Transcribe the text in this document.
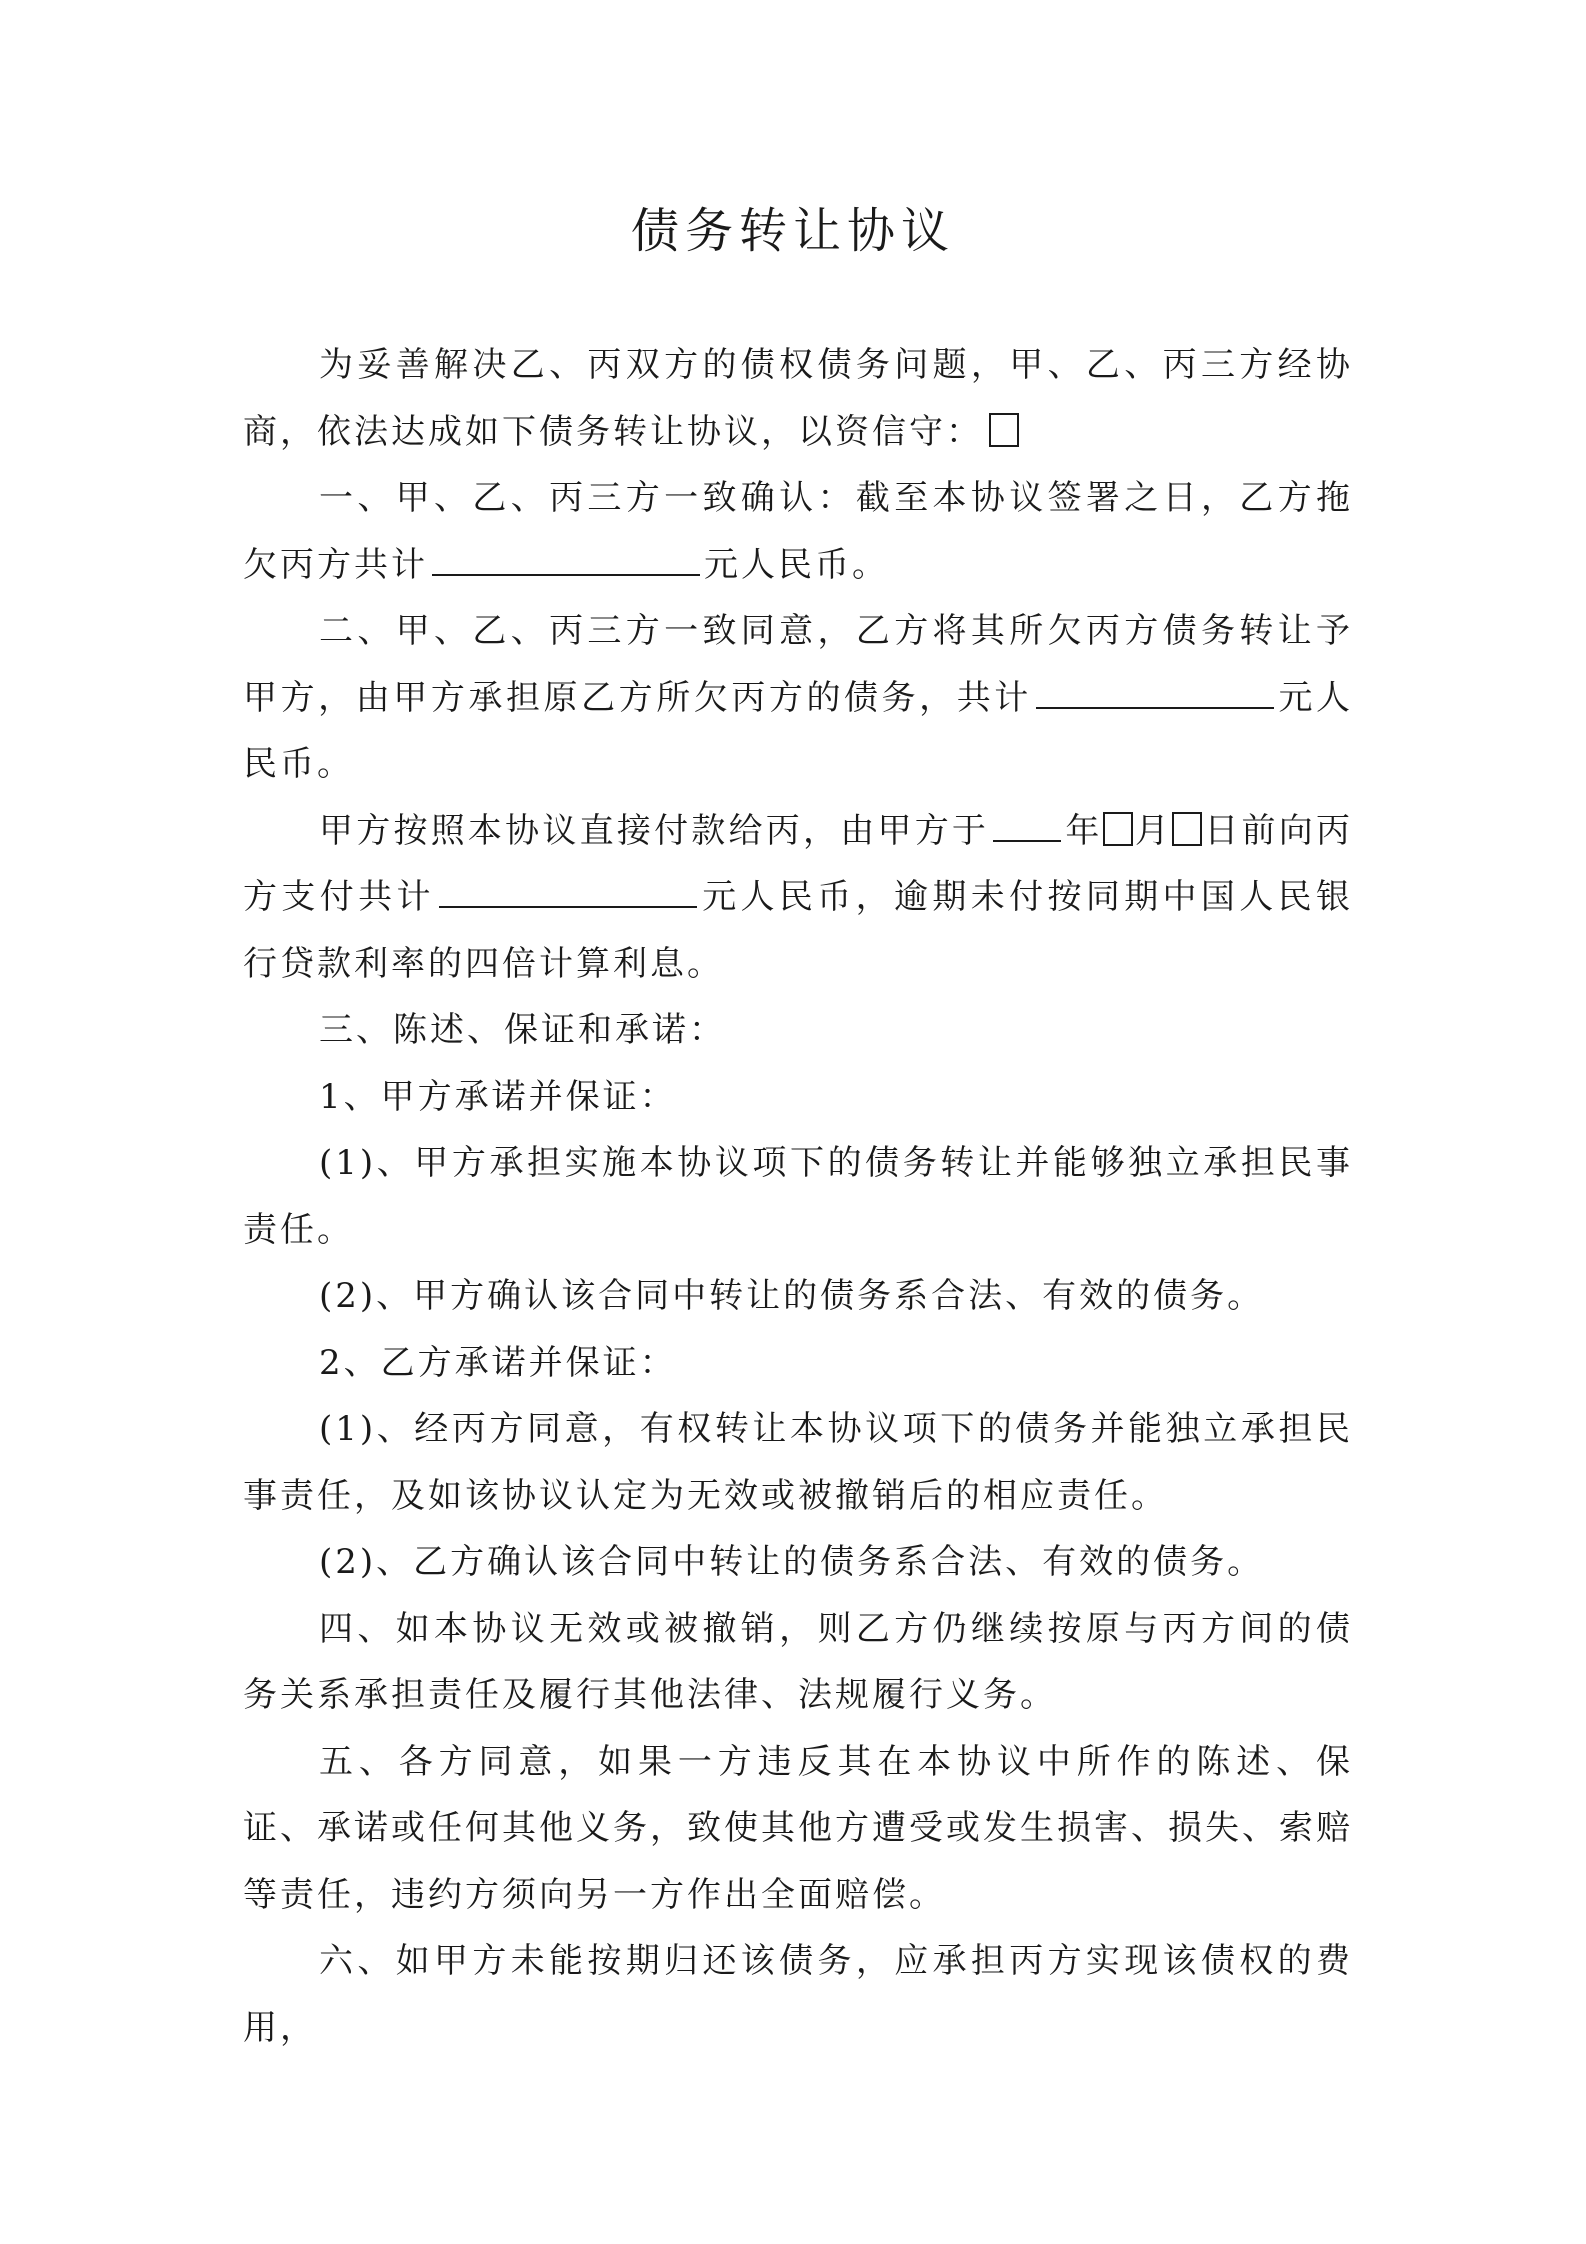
债务转让协议

为妥善解决乙、丙双方的债权债务问题，甲、乙、丙三方经协商，依法达成如下债务转让协议，以资信守：

一、甲、乙、丙三方一致确认：截至本协议签署之日，乙方拖欠丙方共计	元人民币。

二、甲、乙、丙三方一致同意，乙方将其所欠丙方债务转让予甲方，由甲方承担原乙方所欠丙方的债务，共计	元人民币。

甲方按照本协议直接付款给丙，由甲方于 年 月 日前向丙方支付共计	元人民币，逾期未付按同期中国人民银行贷款利率的四倍计算利息。

三、陈述、保证和承诺：

1、甲方承诺并保证：

(1)、甲方承担实施本协议项下的债务转让并能够独立承担民事责任。

(2)、甲方确认该合同中转让的债务系合法、有效的债务。

2、乙方承诺并保证：

(1)、经丙方同意，有权转让本协议项下的债务并能独立承担民事责任，及如该协议认定为无效或被撤销后的相应责任。

(2)、乙方确认该合同中转让的债务系合法、有效的债务。

四、如本协议无效或被撤销，则乙方仍继续按原与丙方间的债务关系承担责任及履行其他法律、法规履行义务。

五、各方同意，如果一方违反其在本协议中所作的陈述、保证、承诺或任何其他义务，致使其他方遭受或发生损害、损失、索赔等责任，违约方须向另一方作出全面赔偿。

六、如甲方未能按期归还该债务，应承担丙方实现该债权的费用，
